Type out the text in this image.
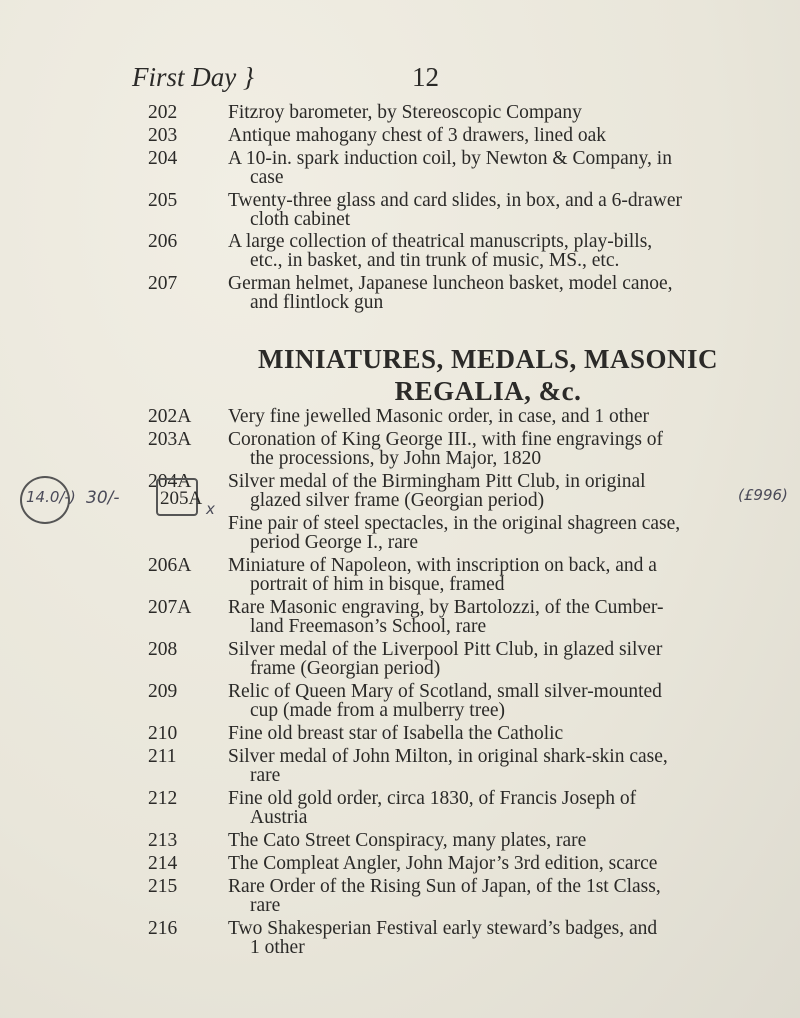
First Day }	12
202	Fitzroy barometer, by Stereoscopic Company
203	Antique mahogany chest of 3 drawers, lined oak
204	A 10-in. spark induction coil, by Newton & Company, in
case
205	Twenty-three glass and card slides, in box, and a 6-drawer
cloth cabinet
206	A large collection of theatrical manuscripts, play-bills,
etc., in basket, and tin trunk of music, MS., etc.
207	German helmet, Japanese luncheon basket, model canoe,
and flintlock gun
MINIATURES, MEDALS, MASONIC
REGALIA, &c.
202A	Very fine jewelled Masonic order, in case, and 1 other
203A	Coronation of King George III., with fine engravings of
the processions, by John Major, 1820
204A	Silver medal of the Birmingham Pitt Club, in original
glazed silver frame (Georgian period)
Fine pair of steel spectacles, in the original shagreen case,
period George I., rare
206A	Miniature of Napoleon, with inscription on back, and a
portrait of him in bisque, framed
207A	Rare Masonic engraving, by Bartolozzi, of the Cumber-
land Freemason’s School, rare
208	Silver medal of the Liverpool Pitt Club, in glazed silver
frame (Georgian period)
209	Relic of Queen Mary of Scotland, small silver-mounted
cup (made from a mulberry tree)
210	Fine old breast star of Isabella the Catholic
211	Silver medal of John Milton, in original shark-skin case,
rare
212	Fine old gold order, circa 1830, of Francis Joseph of
Austria
213	The Cato Street Conspiracy, many plates, rare
214	The Compleat Angler, John Major’s 3rd edition, scarce
215	Rare Order of the Rising Sun of Japan, of the 1st Class,
rare
216	Two Shakesperian Festival early steward’s badges, and
1 other
14.0/-) 30/- 205A x
(£996)
